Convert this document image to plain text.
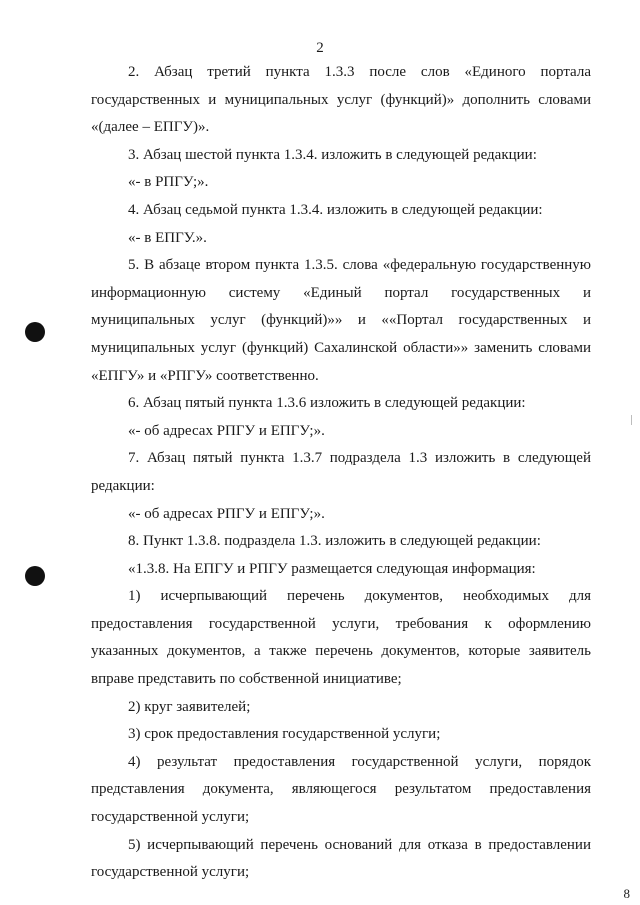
2

2. Абзац третий пункта 1.3.3 после слов «Единого портала государственных и муниципальных услуг (функций)» дополнить словами «(далее – ЕПГУ)».

3. Абзац шестой пункта 1.3.4. изложить в следующей редакции:

«- в РПГУ;».

4. Абзац седьмой пункта 1.3.4. изложить в следующей редакции:

«- в ЕПГУ.».

5. В абзаце втором пункта 1.3.5. слова «федеральную государственную информационную систему «Единый портал государственных и муниципальных услуг (функций)»» и ««Портал государственных и муниципальных услуг (функций) Сахалинской области»» заменить словами «ЕПГУ» и «РПГУ» соответственно.

6. Абзац пятый пункта 1.3.6 изложить в следующей редакции:

«- об адресах РПГУ и ЕПГУ;».

7. Абзац пятый пункта 1.3.7 подраздела 1.3 изложить в следующей редакции:

«- об адресах РПГУ и ЕПГУ;».

8. Пункт 1.3.8. подраздела 1.3. изложить в следующей редакции:

«1.3.8. На ЕПГУ и РПГУ размещается следующая информация:

1) исчерпывающий перечень документов, необходимых для предоставления государственной услуги, требования к оформлению указанных документов, а также перечень документов, которые заявитель вправе представить по собственной инициативе;

2) круг заявителей;

3) срок предоставления государственной услуги;

4) результат предоставления государственной услуги, порядок представления документа, являющегося результатом предоставления государственной услуги;

5) исчерпывающий перечень оснований для отказа в предоставлении государственной услуги;

8
